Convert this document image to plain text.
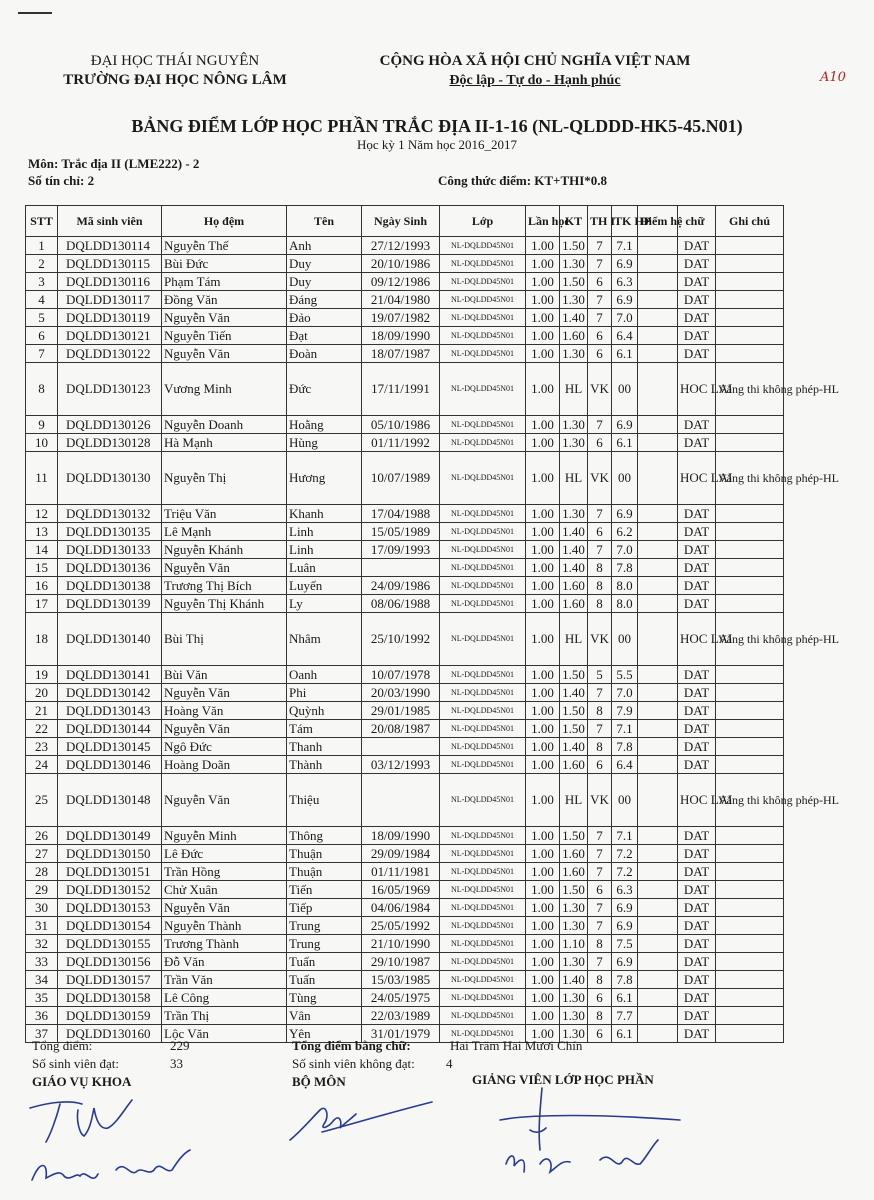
ĐẠI HỌC THÁI NGUYÊN
TRƯỜNG ĐẠI HỌC NÔNG LÂM
CỘNG HÒA XÃ HỘI CHỦ NGHĨA VIỆT NAM
Độc lập - Tự do - Hạnh phúc	A10
BẢNG ĐIỂM LỚP HỌC PHẦN TRẮC ĐỊA II-1-16 (NL-QLDDD-HK5-45.N01)
Học kỳ 1 Năm học 2016_2017
Môn: Trắc địa II (LME222) - 2
Số tín chỉ: 2	Công thức điểm: KT+THI*0.8
STT	Mã sinh viên	Họ đệm	Tên	Ngày Sinh	Lớp	Lần học	KT	TH I	TK HP	Điểm hệ chữ		Ghi chú
1	DQLDD130114	Nguyễn Thế	Anh	27/12/1993	NL-DQLDD45N01	1.00	1.50	7	7.1		DAT	
2	DQLDD130115	Bùi Đức	Duy	20/10/1986	NL-DQLDD45N01	1.00	1.30	7	6.9		DAT	
3	DQLDD130116	Phạm Tám	Duy	09/12/1986	NL-DQLDD45N01	1.00	1.50	6	6.3		DAT	
4	DQLDD130117	Đồng Văn	Đáng	21/04/1980	NL-DQLDD45N01	1.00	1.30	7	6.9		DAT	
5	DQLDD130119	Nguyễn Văn	Đảo	19/07/1982	NL-DQLDD45N01	1.00	1.40	7	7.0		DAT	
6	DQLDD130121	Nguyễn Tiến	Đạt	18/09/1990	NL-DQLDD45N01	1.00	1.60	6	6.4		DAT	
7	DQLDD130122	Nguyễn Văn	Đoàn	18/07/1987	NL-DQLDD45N01	1.00	1.30	6	6.1		DAT	
8	DQLDD130123	Vương Minh	Đức	17/11/1991	NL-DQLDD45N01	1.00	HL	VK	00		HOC LAI	Vắng thi không phép-HL
9	DQLDD130126	Nguyễn Doanh	Hoằng	05/10/1986	NL-DQLDD45N01	1.00	1.30	7	6.9		DAT	
10	DQLDD130128	Hà Mạnh	Hùng	01/11/1992	NL-DQLDD45N01	1.00	1.30	6	6.1		DAT	
11	DQLDD130130	Nguyễn Thị	Hương	10/07/1989	NL-DQLDD45N01	1.00	HL	VK	00		HOC LAI	Vắng thi không phép-HL
12	DQLDD130132	Triệu Văn	Khanh	17/04/1988	NL-DQLDD45N01	1.00	1.30	7	6.9		DAT	
13	DQLDD130135	Lê Mạnh	Linh	15/05/1989	NL-DQLDD45N01	1.00	1.40	6	6.2		DAT	
14	DQLDD130133	Nguyễn Khánh	Linh	17/09/1993	NL-DQLDD45N01	1.00	1.40	7	7.0		DAT	
15	DQLDD130136	Nguyễn Văn	Luân		NL-DQLDD45N01	1.00	1.40	8	7.8		DAT	
16	DQLDD130138	Trương Thị Bích	Luyến	24/09/1986	NL-DQLDD45N01	1.00	1.60	8	8.0		DAT	
17	DQLDD130139	Nguyễn Thị Khánh	Ly	08/06/1988	NL-DQLDD45N01	1.00	1.60	8	8.0		DAT	
18	DQLDD130140	Bùi Thị	Nhâm	25/10/1992	NL-DQLDD45N01	1.00	HL	VK	00		HOC LAI	Vắng thi không phép-HL
19	DQLDD130141	Bùi Văn	Oanh	10/07/1978	NL-DQLDD45N01	1.00	1.50	5	5.5		DAT	
20	DQLDD130142	Nguyễn Văn	Phi	20/03/1990	NL-DQLDD45N01	1.00	1.40	7	7.0		DAT	
21	DQLDD130143	Hoàng Văn	Quỳnh	29/01/1985	NL-DQLDD45N01	1.00	1.50	8	7.9		DAT	
22	DQLDD130144	Nguyễn Văn	Tám	20/08/1987	NL-DQLDD45N01	1.00	1.50	7	7.1		DAT	
23	DQLDD130145	Ngô Đức	Thanh		NL-DQLDD45N01	1.00	1.40	8	7.8		DAT	
24	DQLDD130146	Hoàng Doãn	Thành	03/12/1993	NL-DQLDD45N01	1.00	1.60	6	6.4		DAT	
25	DQLDD130148	Nguyễn Văn	Thiệu		NL-DQLDD45N01	1.00	HL	VK	00		HOC LAI	Vắng thi không phép-HL
26	DQLDD130149	Nguyễn Minh	Thông	18/09/1990	NL-DQLDD45N01	1.00	1.50	7	7.1		DAT	
27	DQLDD130150	Lê Đức	Thuận	29/09/1984	NL-DQLDD45N01	1.00	1.60	7	7.2		DAT	
28	DQLDD130151	Trần Hồng	Thuận	01/11/1981	NL-DQLDD45N01	1.00	1.60	7	7.2		DAT	
29	DQLDD130152	Chử Xuân	Tiến	16/05/1969	NL-DQLDD45N01	1.00	1.50	6	6.3		DAT	
30	DQLDD130153	Nguyễn Văn	Tiếp	04/06/1984	NL-DQLDD45N01	1.00	1.30	7	6.9		DAT	
31	DQLDD130154	Nguyễn Thành	Trung	25/05/1992	NL-DQLDD45N01	1.00	1.30	7	6.9		DAT	
32	DQLDD130155	Trương Thành	Trung	21/10/1990	NL-DQLDD45N01	1.00	1.10	8	7.5		DAT	
33	DQLDD130156	Đỗ Văn	Tuấn	29/10/1987	NL-DQLDD45N01	1.00	1.30	7	6.9		DAT	
34	DQLDD130157	Trần Văn	Tuấn	15/03/1985	NL-DQLDD45N01	1.00	1.40	8	7.8		DAT	
35	DQLDD130158	Lê Công	Tùng	24/05/1975	NL-DQLDD45N01	1.00	1.30	6	6.1		DAT	
36	DQLDD130159	Trần Thị	Vân	22/03/1989	NL-DQLDD45N01	1.00	1.30	8	7.7		DAT	
37	DQLDD130160	Lộc Văn	Yên	31/01/1979	NL-DQLDD45N01	1.00	1.30	6	6.1		DAT	
Tổng điểm:	229	Tổng điểm bằng chữ:	Hai Trăm Hai Mươi Chín
Số sinh viên đạt:	33	Số sinh viên không đạt: 4
GIÁO VỤ KHOA	BỘ MÔN	GIẢNG VIÊN LỚP HỌC PHẦN
